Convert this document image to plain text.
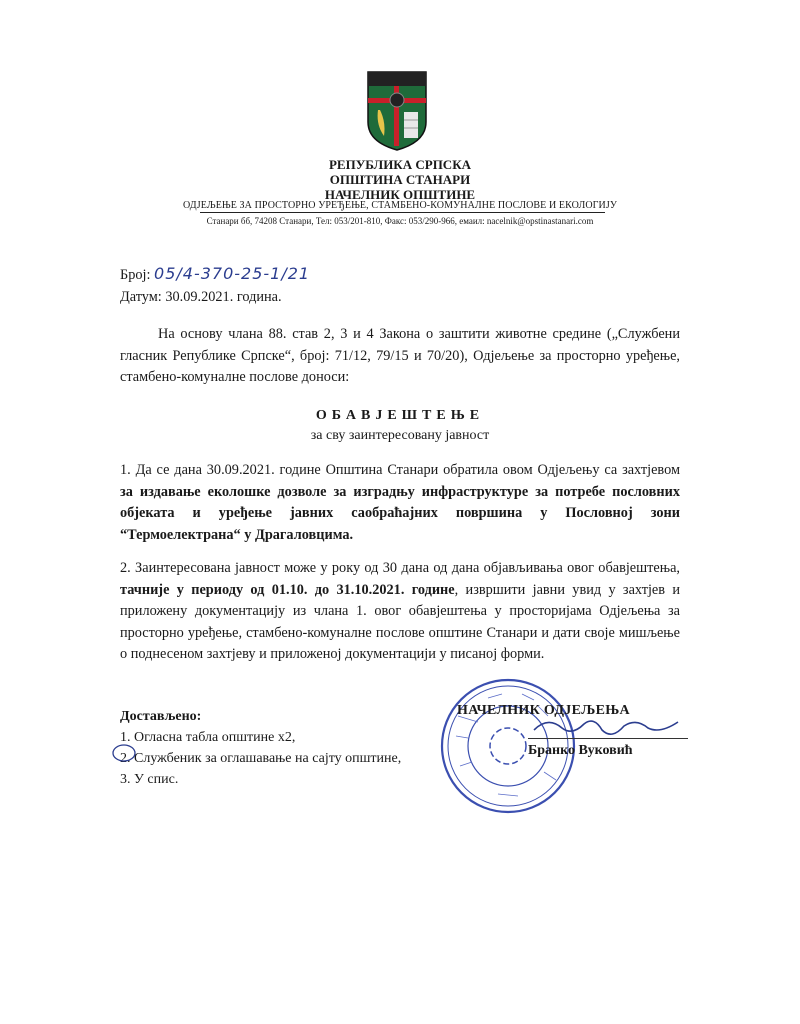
РЕПУБЛИКА СРПСКА
ОПШТИНА СТАНАРИ
НАЧЕЛНИК ОПШТИНЕ
ОДЈЕЉЕЊЕ ЗА ПРОСТОРНО УРЕЂЕЊЕ, СТАМБЕНО-КОМУНАЛНЕ ПОСЛОВЕ И ЕКОЛОГИЈУ
Станари бб, 74208 Станари, Тел: 053/201-810, Факс: 053/290-966, емаил: nacelnik@opstinastanari.com
Број: 05/4-370-25-1/21
Датум: 30.09.2021. година.
На основу члана 88. став 2, 3 и 4 Закона о заштити животне средине („Службени гласник Републике Српске“, број: 71/12, 79/15 и 70/20), Одјељење за просторно уређење, стамбено-комуналне послове доноси:
ОБАВЈЕШТЕЊЕ
за сву заинтересовану јавност
1. Да се дана 30.09.2021. године Општина Станари обратила овом Одјељењу са захтјевом за издавање еколошке дозволе за изградњу инфраструктуре за потребе пословних објеката и уређење јавних саобраћајних површина у Пословној зони “Термоелектрана“ у Драгаловцима.
2. Заинтересована јавност може у року од 30 дана од дана објављивања овог обавјештења, тачније у периоду од 01.10. до 31.10.2021. године, извршити јавни увид у захтјев и приложену документацију из члана 1. овог обавјештења у просторијама Одјељења за просторно уређење, стамбено-комуналне послове општине Станари и дати своје мишљење о поднесеном захтјеву и приложеној документацији у писаној форми.
Достављено:
1. Огласна табла општине х2,
2. Службеник за оглашавање на сајту општине,
3. У спис.
НАЧЕЛНИК ОДЈЕЉЕЊА
Бранко Вуковић
